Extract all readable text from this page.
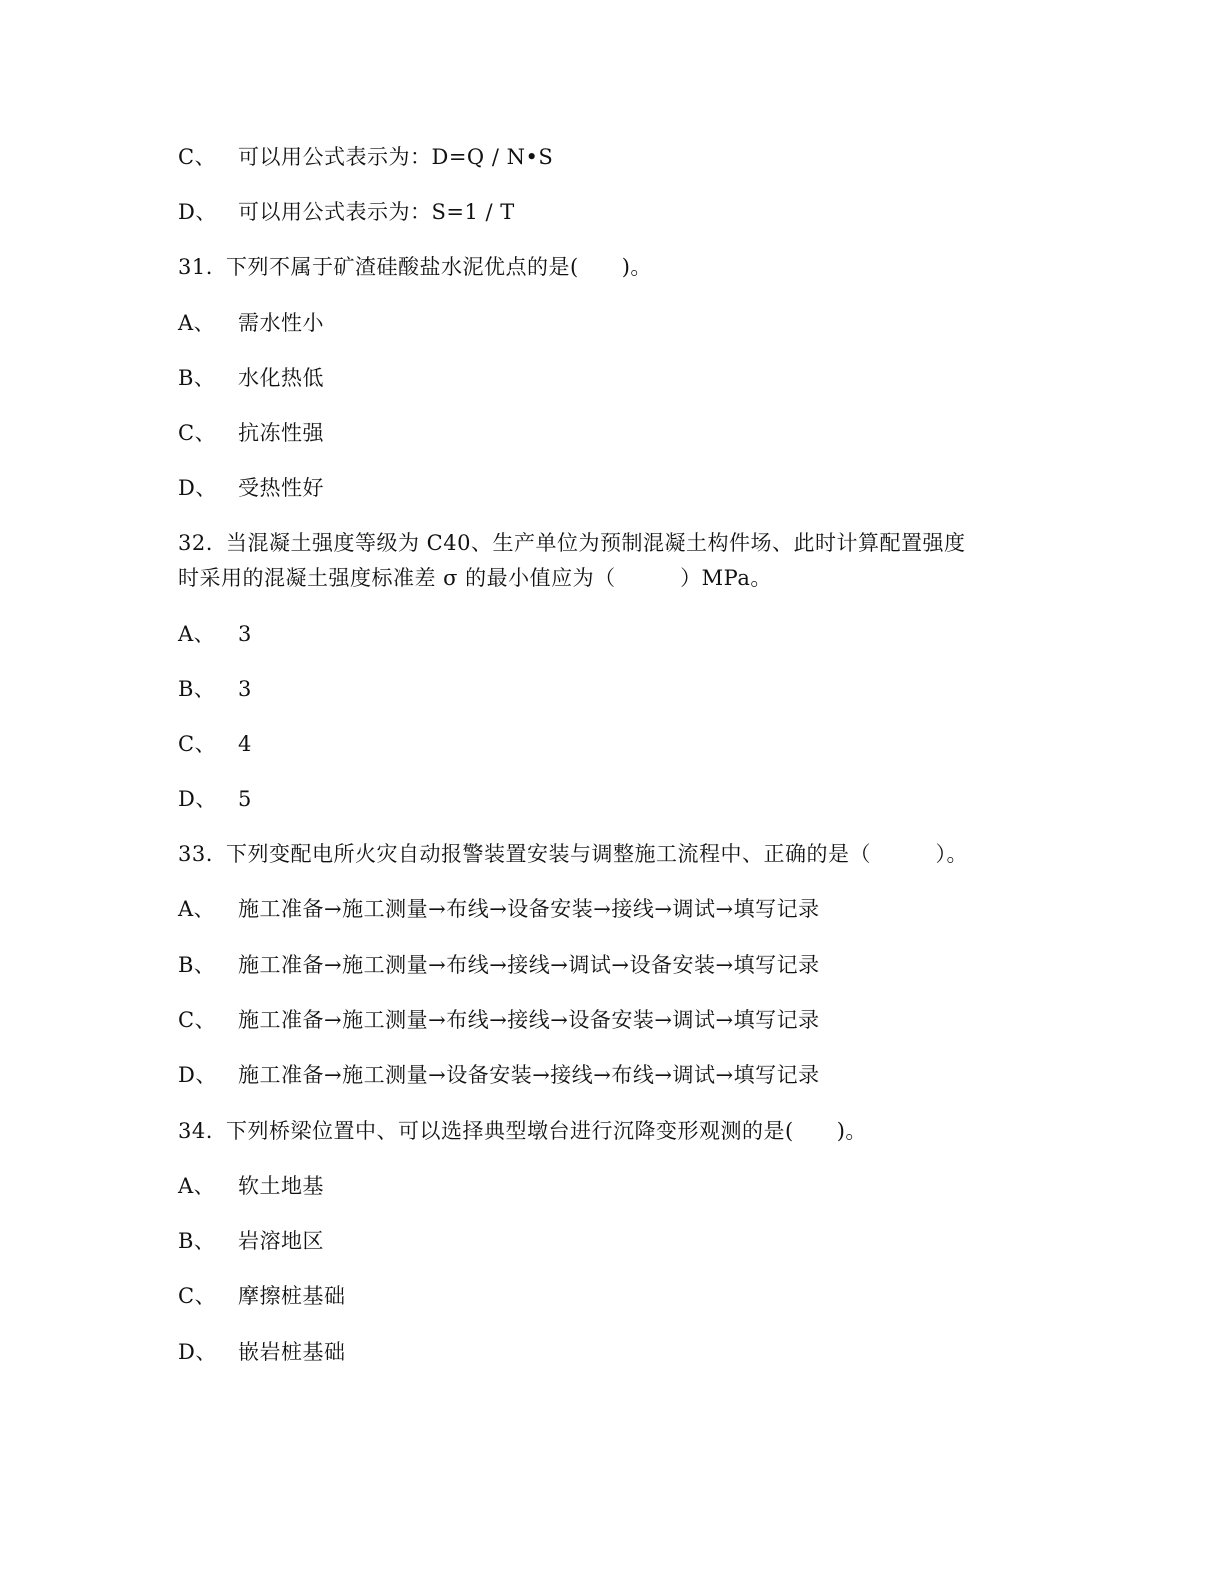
C、 可以用公式表示为：D=Q / N•S
D、 可以用公式表示为：S=1 / T
31. 下列不属于矿渣硅酸盐水泥优点的是(　　)。
A、 需水性小
B、 水化热低
C、 抗冻性强
D、 受热性好
32. 当混凝土强度等级为 C40、生产单位为预制混凝土构件场、此时计算配置强度
时采用的混凝土强度标准差 σ 的最小值应为（　　　）MPa。
A、 3
B、 3
C、 4
D、 5
33. 下列变配电所火灾自动报警装置安装与调整施工流程中、正确的是（　　　）。
A、 施工准备→施工测量→布线→设备安装→接线→调试→填写记录
B、 施工准备→施工测量→布线→接线→调试→设备安装→填写记录
C、 施工准备→施工测量→布线→接线→设备安装→调试→填写记录
D、 施工准备→施工测量→设备安装→接线→布线→调试→填写记录
34. 下列桥梁位置中、可以选择典型墩台进行沉降变形观测的是(　　)。
A、 软土地基
B、 岩溶地区
C、 摩擦桩基础
D、 嵌岩桩基础
